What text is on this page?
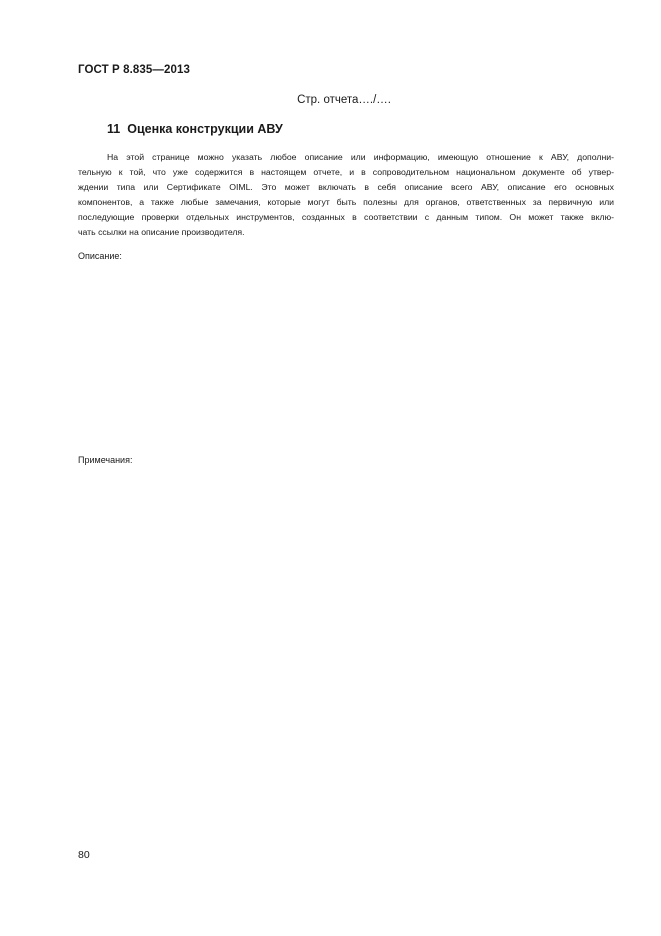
ГОСТ Р 8.835—2013
Стр. отчета…./….
11 Оценка конструкции АВУ
На этой странице можно указать любое описание или информацию, имеющую отношение к АВУ, дополни-
тельную к той, что уже содержится в настоящем отчете, и в сопроводительном национальном документе об утвер-
ждении типа или Сертификате OIML. Это может включать в себя описание всего АВУ, описание его основных
компонентов, а также любые замечания, которые могут быть полезны для органов, ответственных за первичную или
последующие проверки отдельных инструментов, созданных в соответствии с данным типом. Он может также вклю-
чать ссылки на описание производителя.
Описание:
Примечания:
80
